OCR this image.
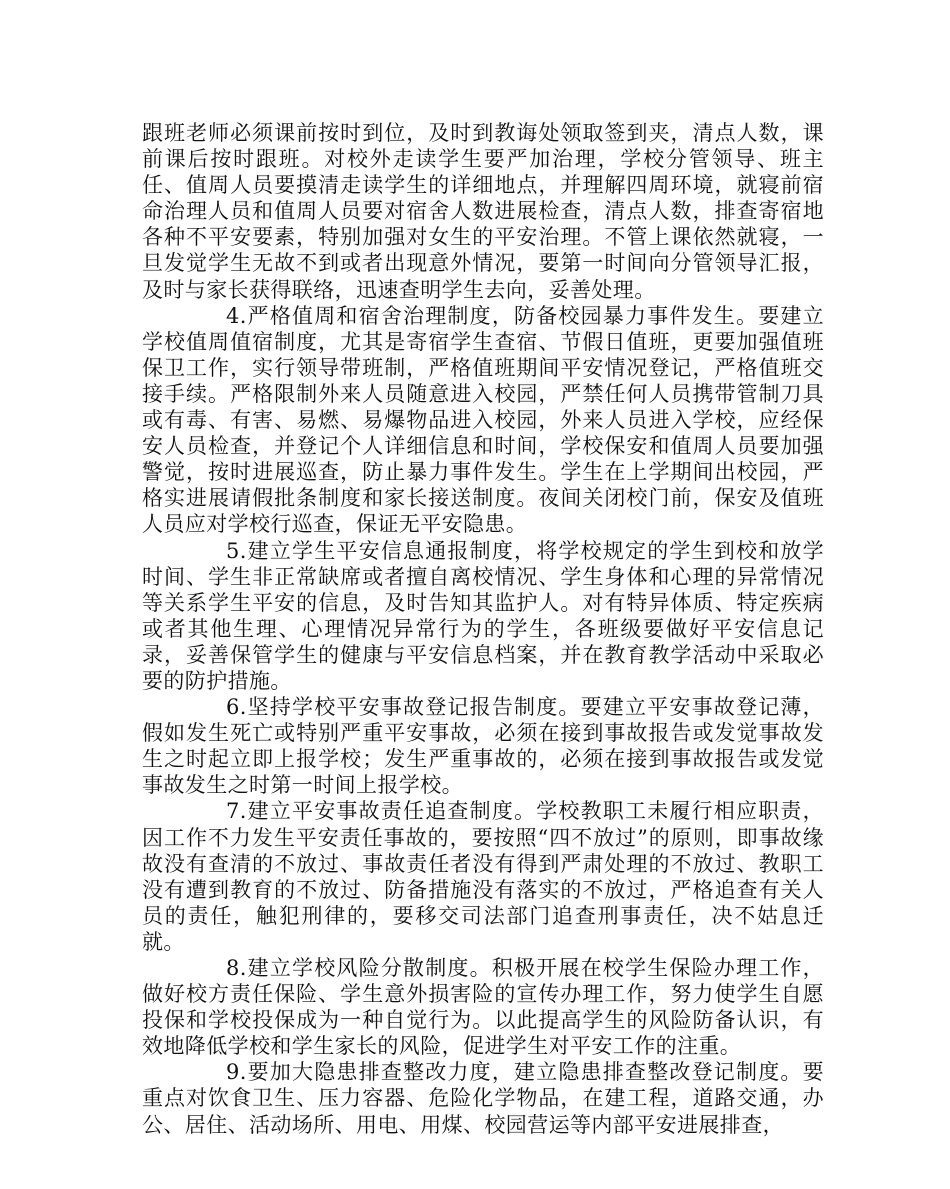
跟班老师必须课前按时到位，及时到教诲处领取签到夹，清点人数，课前课后按时跟班。对校外走读学生要严加治理，学校分管领导、班主任、值周人员要摸清走读学生的详细地点，并理解四周环境，就寝前宿命治理人员和值周人员要对宿舍人数进展检查，清点人数，排查寄宿地各种不平安要素，特别加强对女生的平安治理。不管上课依然就寝，一旦发觉学生无故不到或者出现意外情况，要第一时间向分管领导汇报，及时与家长获得联络，迅速查明学生去向，妥善处理。

4.严格值周和宿舍治理制度，防备校园暴力事件发生。要建立学校值周值宿制度，尤其是寄宿学生查宿、节假日值班，更要加强值班保卫工作，实行领导带班制，严格值班期间平安情况登记，严格值班交接手续。严格限制外来人员随意进入校园，严禁任何人员携带管制刀具或有毒、有害、易燃、易爆物品进入校园，外来人员进入学校，应经保安人员检查，并登记个人详细信息和时间，学校保安和值周人员要加强警觉，按时进展巡查，防止暴力事件发生。学生在上学期间出校园，严格实进展请假批条制度和家长接送制度。夜间关闭校门前，保安及值班人员应对学校行巡查，保证无平安隐患。

5.建立学生平安信息通报制度，将学校规定的学生到校和放学时间、学生非正常缺席或者擅自离校情况、学生身体和心理的异常情况等关系学生平安的信息，及时告知其监护人。对有特异体质、特定疾病或者其他生理、心理情况异常行为的学生，各班级要做好平安信息记录，妥善保管学生的健康与平安信息档案，并在教育教学活动中采取必要的防护措施。

6.坚持学校平安事故登记报告制度。要建立平安事故登记薄，假如发生死亡或特别严重平安事故，必须在接到事故报告或发觉事故发生之时起立即上报学校；发生严重事故的，必须在接到事故报告或发觉事故发生之时第一时间上报学校。

7.建立平安事故责任追查制度。学校教职工未履行相应职责，因工作不力发生平安责任事故的，要按照“四不放过”的原则，即事故缘故没有查清的不放过、事故责任者没有得到严肃处理的不放过、教职工没有遭到教育的不放过、防备措施没有落实的不放过，严格追查有关人员的责任，触犯刑律的，要移交司法部门追查刑事责任，决不姑息迁就。

8.建立学校风险分散制度。积极开展在校学生保险办理工作，做好校方责任保险、学生意外损害险的宣传办理工作，努力使学生自愿投保和学校投保成为一种自觉行为。以此提高学生的风险防备认识，有效地降低学校和学生家长的风险，促进学生对平安工作的注重。

9.要加大隐患排查整改力度，建立隐患排查整改登记制度。要重点对饮食卫生、压力容器、危险化学物品，在建工程，道路交通，办公、居住、活动场所、用电、用煤、校园营运等内部平安进展排查，
